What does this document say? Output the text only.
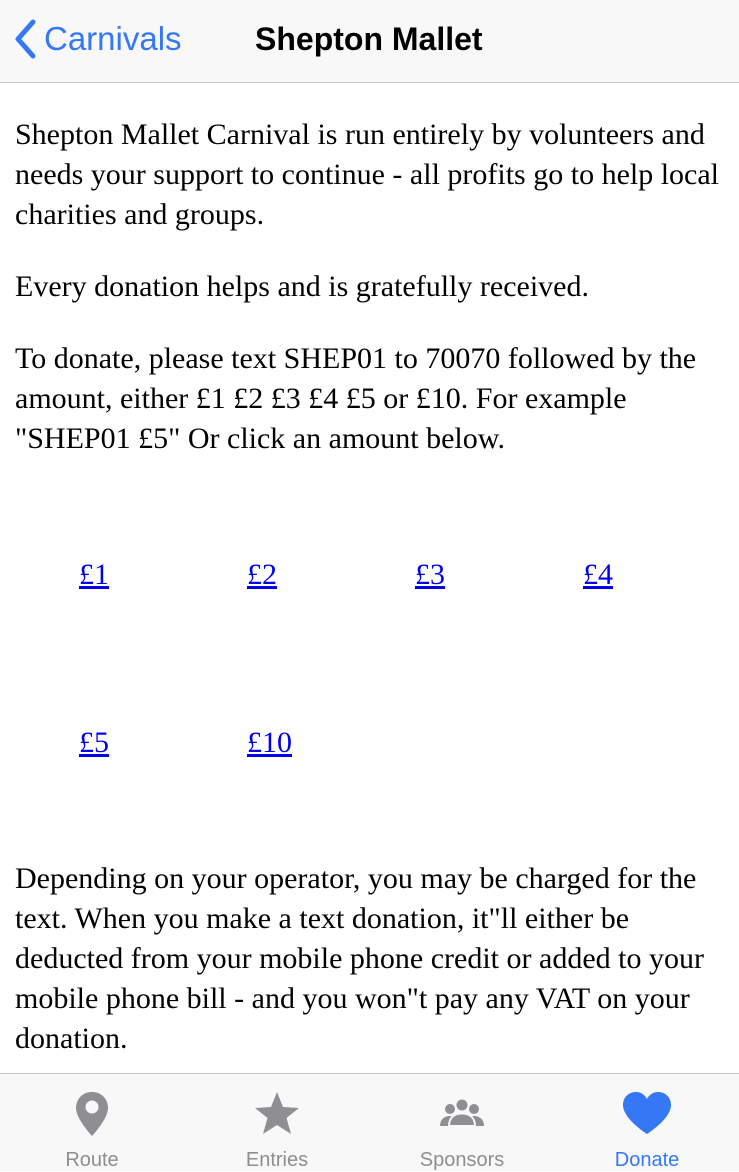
Carnivals Shepton Mallet

Shepton Mallet Carnival is run entirely by volunteers and needs your support to continue - all profits go to help local charities and groups.

Every donation helps and is gratefully received.

To donate, please text SHEP01 to 70070 followed by the amount, either £1 £2 £3 £4 £5 or £10. For example "SHEP01 £5" Or click an amount below.

£1	£2	£3	£4
£5	£10

Depending on your operator, you may be charged for the text. When you make a text donation, it"ll either be deducted from your mobile phone credit or added to your mobile phone bill - and you won"t pay any VAT on your donation.

Route	Entries	Sponsors	Donate
